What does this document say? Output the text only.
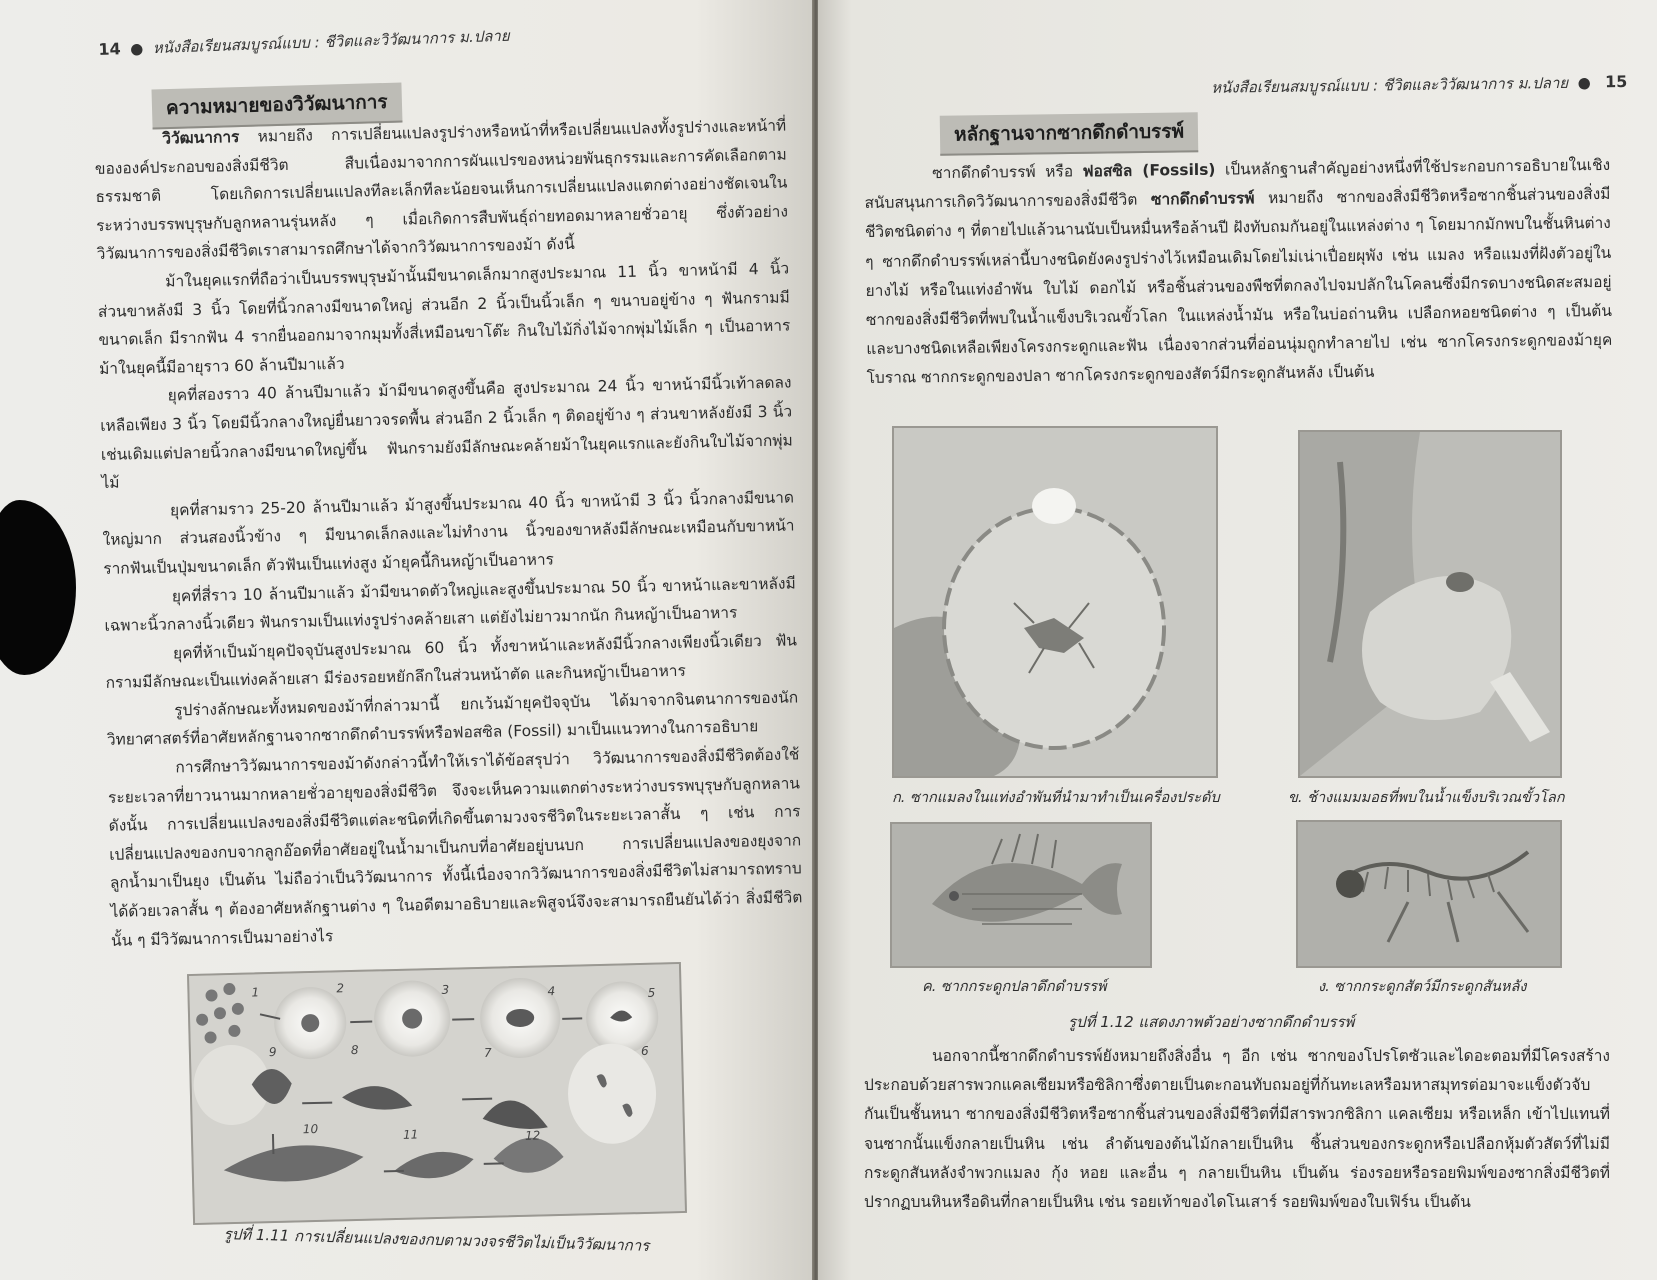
14  ●  หนังสือเรียนสมบูรณ์แบบ : ชีวิตและวิวัฒนาการ ม.ปลาย
ความหมายของวิวัฒนาการ

วิวัฒนาการ หมายถึง การเปลี่ยนแปลงรูปร่างหรือหน้าที่หรือเปลี่ยนแปลงทั้งรูปร่างและหน้าที่ขององค์ประกอบของสิ่งมีชีวิต สืบเนื่องมาจากการผันแปรของหน่วยพันธุกรรมและการคัดเลือกตามธรรมชาติ โดยเกิดการเปลี่ยนแปลงทีละเล็กทีละน้อยจนเห็นการเปลี่ยนแปลงแตกต่างอย่างชัดเจนในระหว่างบรรพบุรุษกับลูกหลานรุ่นหลัง ๆ เมื่อเกิดการสืบพันธุ์ถ่ายทอดมาหลายชั่วอายุ ซึ่งตัวอย่างวิวัฒนาการของสิ่งมีชีวิตเราสามารถศึกษาได้จากวิวัฒนาการของม้า ดังนี้

ม้าในยุคแรกที่ถือว่าเป็นบรรพบุรุษม้านั้นมีขนาดเล็กมากสูงประมาณ 11 นิ้ว ขาหน้ามี 4 นิ้ว ส่วนขาหลังมี 3 นิ้ว โดยที่นิ้วกลางมีขนาดใหญ่ ส่วนอีก 2 นิ้วเป็นนิ้วเล็ก ๆ ขนาบอยู่ข้าง ๆ ฟันกรามมีขนาดเล็ก มีรากฟัน 4 รากยื่นออกมาจากมุมทั้งสี่เหมือนขาโต๊ะ กินใบไม้กิ่งไม้จากพุ่มไม้เล็ก ๆ เป็นอาหาร ม้าในยุคนี้มีอายุราว 60 ล้านปีมาแล้ว

ยุคที่สองราว 40 ล้านปีมาแล้ว ม้ามีขนาดสูงขึ้นคือ สูงประมาณ 24 นิ้ว ขาหน้ามีนิ้วเท้าลดลงเหลือเพียง 3 นิ้ว โดยมีนิ้วกลางใหญ่ยื่นยาวจรดพื้น ส่วนอีก 2 นิ้วเล็ก ๆ ติดอยู่ข้าง ๆ ส่วนขาหลังยังมี 3 นิ้วเช่นเดิมแต่ปลายนิ้วกลางมีขนาดใหญ่ขึ้น ฟันกรามยังมีลักษณะคล้ายม้าในยุคแรกและยังกินใบไม้จากพุ่มไม้

ยุคที่สามราว 25-20 ล้านปีมาแล้ว ม้าสูงขึ้นประมาณ 40 นิ้ว ขาหน้ามี 3 นิ้ว นิ้วกลางมีขนาดใหญ่มาก ส่วนสองนิ้วข้าง ๆ มีขนาดเล็กลงและไม่ทำงาน นิ้วของขาหลังมีลักษณะเหมือนกับขาหน้า รากฟันเป็นปุ่มขนาดเล็ก ตัวฟันเป็นแท่งสูง ม้ายุคนี้กินหญ้าเป็นอาหาร

ยุคที่สี่ราว 10 ล้านปีมาแล้ว ม้ามีขนาดตัวใหญ่และสูงขึ้นประมาณ 50 นิ้ว ขาหน้าและขาหลังมีเฉพาะนิ้วกลางนิ้วเดียว ฟันกรามเป็นแท่งรูปร่างคล้ายเสา แต่ยังไม่ยาวมากนัก กินหญ้าเป็นอาหาร

ยุคที่ห้าเป็นม้ายุคปัจจุบันสูงประมาณ 60 นิ้ว ทั้งขาหน้าและหลังมีนิ้วกลางเพียงนิ้วเดียว ฟันกรามมีลักษณะเป็นแท่งคล้ายเสา มีร่องรอยหยักลึกในส่วนหน้าตัด และกินหญ้าเป็นอาหาร

รูปร่างลักษณะทั้งหมดของม้าที่กล่าวมานี้ ยกเว้นม้ายุคปัจจุบัน ได้มาจากจินตนาการของนักวิทยาศาสตร์ที่อาศัยหลักฐานจากซากดึกดำบรรพ์หรือฟอสซิล (Fossil) มาเป็นแนวทางในการอธิบาย

การศึกษาวิวัฒนาการของม้าดังกล่าวนี้ทำให้เราได้ข้อสรุปว่า วิวัฒนาการของสิ่งมีชีวิตต้องใช้ระยะเวลาที่ยาวนานมากหลายชั่วอายุของสิ่งมีชีวิต จึงจะเห็นความแตกต่างระหว่างบรรพบุรุษกับลูกหลาน ดังนั้น การเปลี่ยนแปลงของสิ่งมีชีวิตแต่ละชนิดที่เกิดขึ้นตามวงจรชีวิตในระยะเวลาสั้น ๆ เช่น การเปลี่ยนแปลงของกบจากลูกอ๊อดที่อาศัยอยู่ในน้ำมาเป็นกบที่อาศัยอยู่บนบก การเปลี่ยนแปลงของยุงจากลูกน้ำมาเป็นยุง เป็นต้น ไม่ถือว่าเป็นวิวัฒนาการ ทั้งนี้เนื่องจากวิวัฒนาการของสิ่งมีชีวิตไม่สามารถทราบได้ด้วยเวลาสั้น ๆ ต้องอาศัยหลักฐานต่าง ๆ ในอดีตมาอธิบายและพิสูจน์จึงจะสามารถยืนยันได้ว่า สิ่งมีชีวิตนั้น ๆ มีวิวัฒนาการเป็นมาอย่างไร

1	2	3	4	5
6
7
8
9
10	11	12
รูปที่ 1.11 การเปลี่ยนแปลงของกบตามวงจรชีวิตไม่เป็นวิวัฒนาการ
หนังสือเรียนสมบูรณ์แบบ : ชีวิตและวิวัฒนาการ ม.ปลาย  ●   15
หลักฐานจากซากดึกดำบรรพ์

ซากดึกดำบรรพ์ หรือ ฟอสซิล (Fossils) เป็นหลักฐานสำคัญอย่างหนึ่งที่ใช้ประกอบการอธิบายในเชิงสนับสนุนการเกิดวิวัฒนาการของสิ่งมีชีวิต ซากดึกดำบรรพ์ หมายถึง ซากของสิ่งมีชีวิตหรือซากชิ้นส่วนของสิ่งมีชีวิตชนิดต่าง ๆ ที่ตายไปแล้วนานนับเป็นหมื่นหรือล้านปี ฝังทับถมกันอยู่ในแหล่งต่าง ๆ โดยมากมักพบในชั้นหินต่าง ๆ ซากดึกดำบรรพ์เหล่านี้บางชนิดยังคงรูปร่างไว้เหมือนเดิมโดยไม่เน่าเปื่อยผุพัง เช่น แมลง หรือแมงที่ฝังตัวอยู่ในยางไม้ หรือในแท่งอำพัน ใบไม้ ดอกไม้ หรือชิ้นส่วนของพืชที่ตกลงไปจมปลักในโคลนซึ่งมีกรดบางชนิดสะสมอยู่ ซากของสิ่งมีชีวิตที่พบในน้ำแข็งบริเวณขั้วโลก ในแหล่งน้ำมัน หรือในบ่อถ่านหิน เปลือกหอยชนิดต่าง ๆ เป็นต้น และบางชนิดเหลือเพียงโครงกระดูกและฟัน เนื่องจากส่วนที่อ่อนนุ่มถูกทำลายไป เช่น ซากโครงกระดูกของม้ายุคโบราณ ซากกระดูกของปลา ซากโครงกระดูกของสัตว์มีกระดูกสันหลัง เป็นต้น

ก. ซากแมลงในแท่งอำพันที่นำมาทำเป็นเครื่องประดับ	ข. ช้างแมมมอธที่พบในน้ำแข็งบริเวณขั้วโลก
ค. ซากกระดูกปลาดึกดำบรรพ์	ง. ซากกระดูกสัตว์มีกระดูกสันหลัง
รูปที่ 1.12 แสดงภาพตัวอย่างซากดึกดำบรรพ์

นอกจากนี้ซากดึกดำบรรพ์ยังหมายถึงสิ่งอื่น ๆ อีก เช่น ซากของโปรโตซัวและไดอะตอมที่มีโครงสร้างประกอบด้วยสารพวกแคลเซียมหรือซิลิกาซึ่งตายเป็นตะกอนทับถมอยู่ที่ก้นทะเลหรือมหาสมุทรต่อมาจะแข็งตัวจับกันเป็นชั้นหนา ซากของสิ่งมีชีวิตหรือซากชิ้นส่วนของสิ่งมีชีวิตที่มีสารพวกซิลิกา แคลเซียม หรือเหล็ก เข้าไปแทนที่ จนซากนั้นแข็งกลายเป็นหิน เช่น ลำต้นของต้นไม้กลายเป็นหิน ชิ้นส่วนของกระดูกหรือเปลือกหุ้มตัวสัตว์ที่ไม่มีกระดูกสันหลังจำพวกแมลง กุ้ง หอย และอื่น ๆ กลายเป็นหิน เป็นต้น ร่องรอยหรือรอยพิมพ์ของซากสิ่งมีชีวิตที่ปรากฏบนหินหรือดินที่กลายเป็นหิน เช่น รอยเท้าของไดโนเสาร์ รอยพิมพ์ของใบเฟิร์น เป็นต้น
